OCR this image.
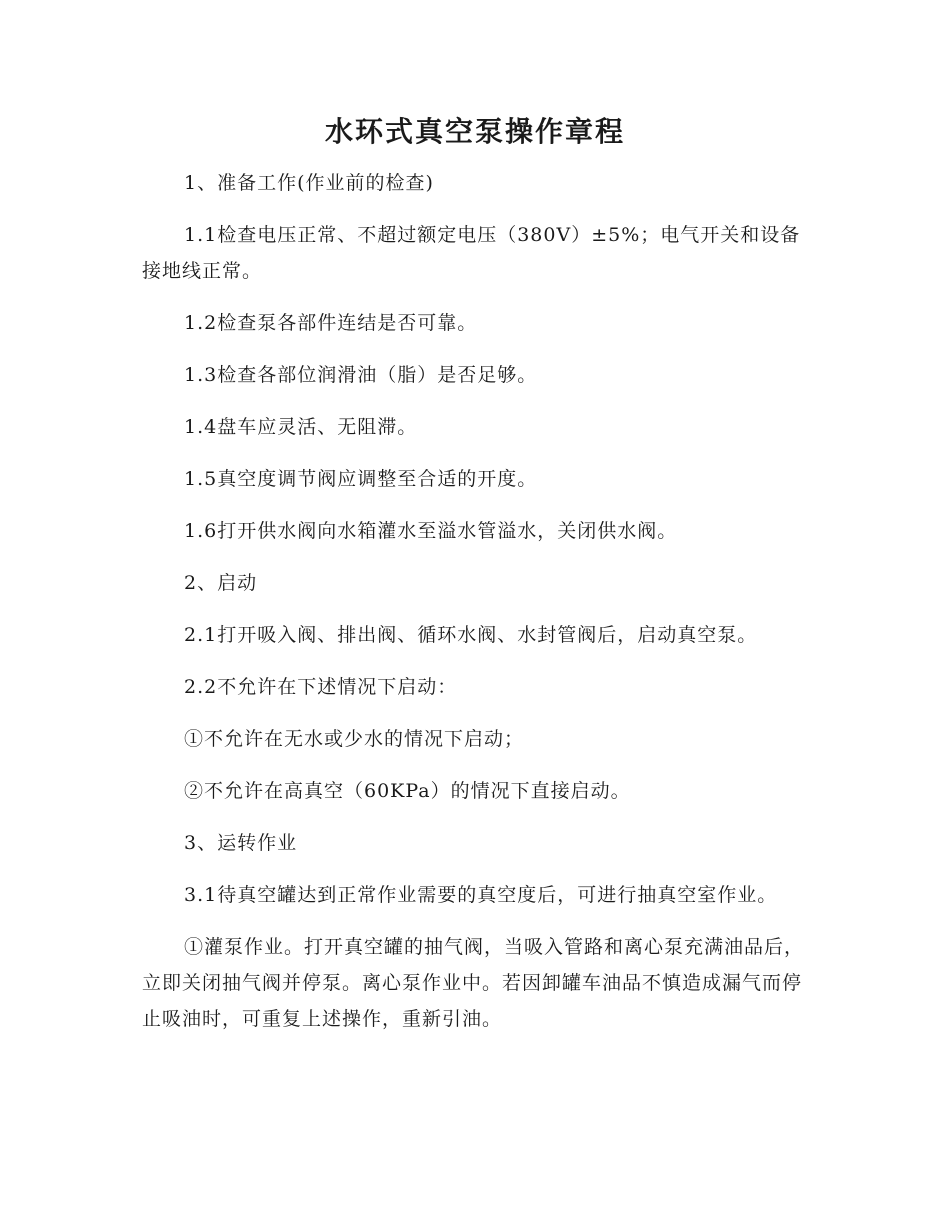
水环式真空泵操作章程

1、准备工作(作业前的检查)

1.1检查电压正常、不超过额定电压（380V）±5%；电气开关和设备接地线正常。

1.2检查泵各部件连结是否可靠。

1.3检查各部位润滑油（脂）是否足够。

1.4盘车应灵活、无阻滞。

1.5真空度调节阀应调整至合适的开度。

1.6打开供水阀向水箱灌水至溢水管溢水，关闭供水阀。

2、启动

2.1打开吸入阀、排出阀、循环水阀、水封管阀后，启动真空泵。

2.2不允许在下述情况下启动：

①不允许在无水或少水的情况下启动；

②不允许在高真空（60KPa）的情况下直接启动。

3、运转作业

3.1待真空罐达到正常作业需要的真空度后，可进行抽真空室作业。

①灌泵作业。打开真空罐的抽气阀，当吸入管路和离心泵充满油品后，立即关闭抽气阀并停泵。离心泵作业中。若因卸罐车油品不慎造成漏气而停止吸油时，可重复上述操作，重新引油。
